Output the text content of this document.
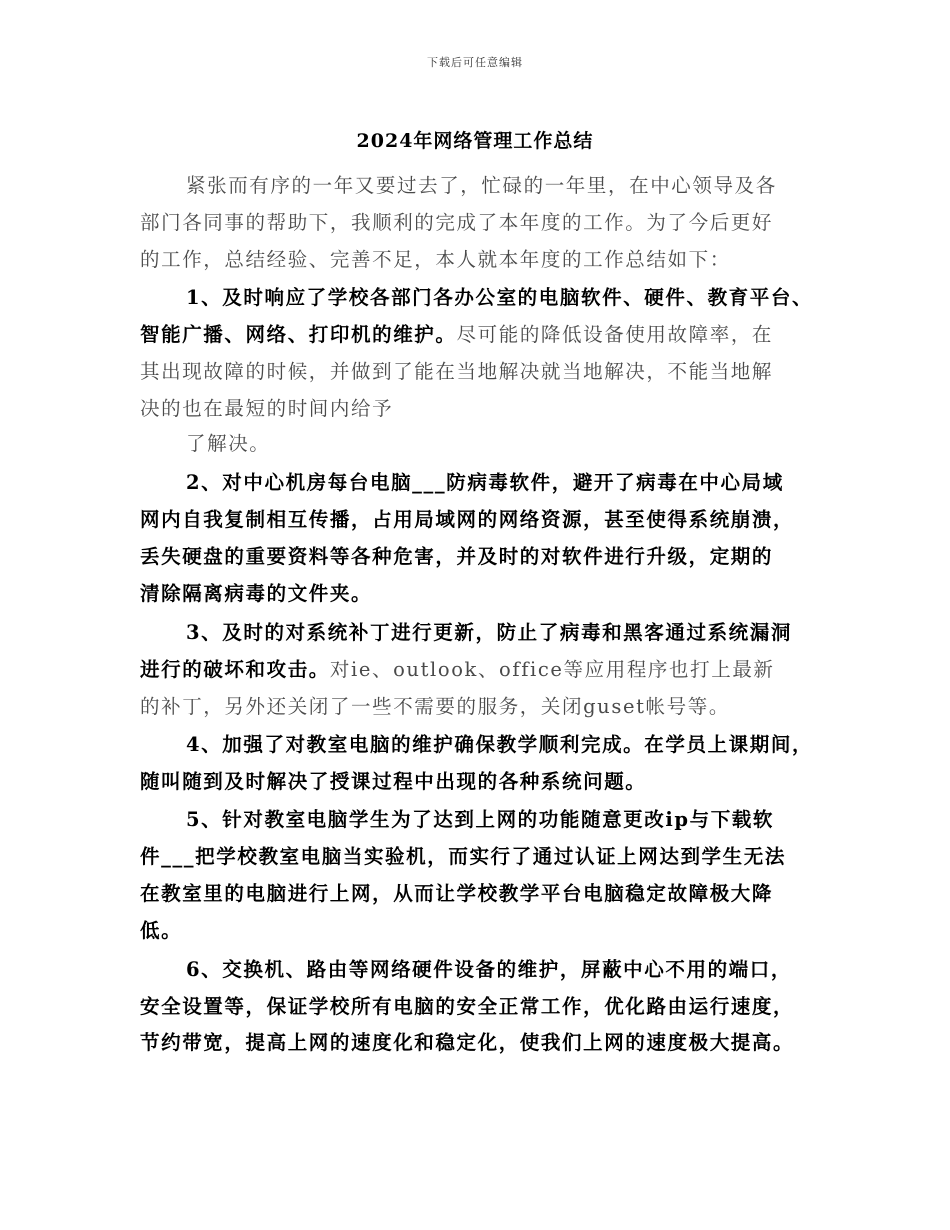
下载后可任意编辑
2024年网络管理工作总结
紧张而有序的一年又要过去了，忙碌的一年里，在中心领导及各
部门各同事的帮助下，我顺利的完成了本年度的工作。为了今后更好
的工作，总结经验、完善不足，本人就本年度的工作总结如下：
1、及时响应了学校各部门各办公室的电脑软件、硬件、教育平台、
智能广播、网络、打印机的维护。尽可能的降低设备使用故障率，在
其出现故障的时候，并做到了能在当地解决就当地解决，不能当地解
决的也在最短的时间内给予
了解决。
2、对中心机房每台电脑___防病毒软件，避开了病毒在中心局域
网内自我复制相互传播，占用局域网的网络资源，甚至使得系统崩溃，
丢失硬盘的重要资料等各种危害，并及时的对软件进行升级，定期的
清除隔离病毒的文件夹。
3、及时的对系统补丁进行更新，防止了病毒和黑客通过系统漏洞
进行的破坏和攻击。对ie、outlook、office等应用程序也打上最新
的补丁，另外还关闭了一些不需要的服务，关闭guset帐号等。
4、加强了对教室电脑的维护确保教学顺利完成。在学员上课期间，
随叫随到及时解决了授课过程中出现的各种系统问题。
5、针对教室电脑学生为了达到上网的功能随意更改ip与下载软
件___把学校教室电脑当实验机，而实行了通过认证上网达到学生无法
在教室里的电脑进行上网，从而让学校教学平台电脑稳定故障极大降
低。
6、交换机、路由等网络硬件设备的维护，屏蔽中心不用的端口，
安全设置等，保证学校所有电脑的安全正常工作，优化路由运行速度，
节约带宽，提高上网的速度化和稳定化，使我们上网的速度极大提高。
